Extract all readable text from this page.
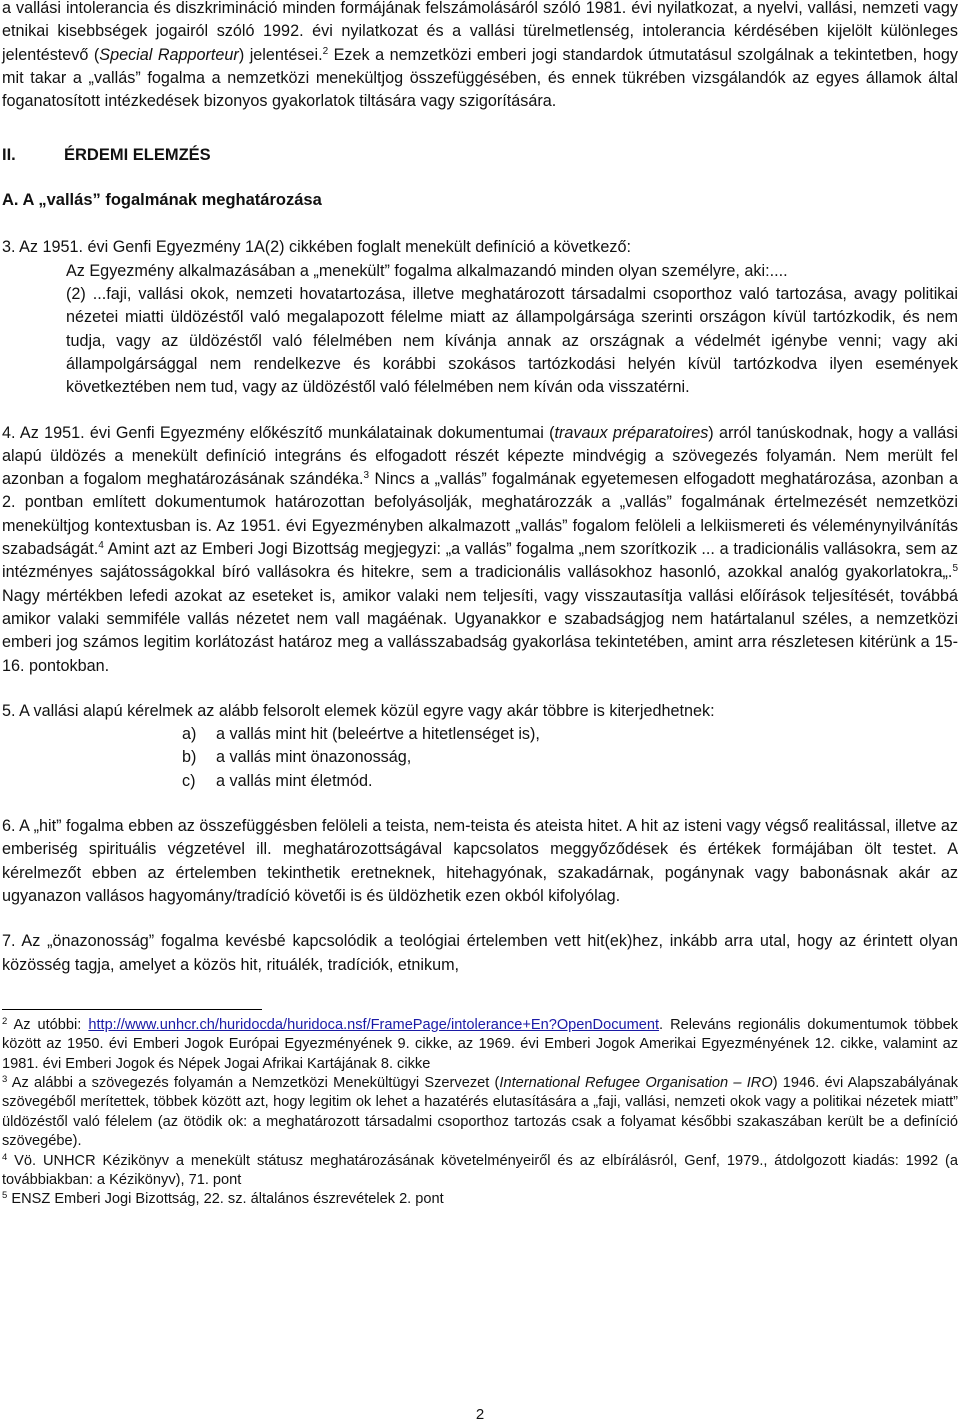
a vallási intolerancia és diszkrimináció minden formájának felszámolásáról szóló 1981. évi nyilatkozat, a nyelvi, vallási, nemzeti vagy etnikai kisebbségek jogairól szóló 1992. évi nyilatkozat és a vallási türelmetlenség, intolerancia kérdésében kijelölt különleges jelentéstevő (Special Rapporteur) jelentései.$^2$ Ezek a nemzetközi emberi jogi standardok útmutatásul szolgálnak a tekintetben, hogy mit takar a „vallás” fogalma a nemzetközi menekültjog összefüggésében, és ennek tükrében vizsgálandók az egyes államok által foganatosított intézkedések bizonyos gyakorlatok tiltására vagy szigorítására.

II.	ÉRDEMI ELEMZÉS

A. A „vallás” fogalmának meghatározása

3. Az 1951. évi Genfi Egyezmény 1A(2) cikkében foglalt menekült definíció a következő:

Az Egyezmény alkalmazásában a „menekült” fogalma alkalmazandó minden olyan személyre, aki:....

(2) ...faji, vallási okok, nemzeti hovatartozása, illetve meghatározott társadalmi csoporthoz való tartozása, avagy politikai nézetei miatti üldözéstől való megalapozott félelme miatt az állampolgársága szerinti országon kívül tartózkodik, és nem tudja, vagy az üldözéstől való félelmében nem kívánja annak az országnak a védelmét igénybe venni; vagy aki állampolgársággal nem rendelkezve és korábbi szokásos tartózkodási helyén kívül tartózkodva ilyen események következtében nem tud, vagy az üldözéstől való félelmében nem kíván oda visszatérni.

4. Az 1951. évi Genfi Egyezmény előkészítő munkálatainak dokumentumai (travaux préparatoires) arról tanúskodnak, hogy a vallási alapú üldözés a menekült definíció integráns és elfogadott részét képezte mindvégig a szövegezés folyamán. Nem merült fel azonban a fogalom meghatározásának szándéka.$^3$ Nincs a „vallás” fogalmának egyetemesen elfogadott meghatározása, azonban a 2. pontban említett dokumentumok határozottan befolyásolják, meghatározzák a „vallás” fogalmának értelmezését nemzetközi menekültjog kontextusban is. Az 1951. évi Egyezményben alkalmazott „vallás” fogalom felöleli a lelkiismereti és véleménynyilvánítás szabadságát.$^4$ Amint azt az Emberi Jogi Bizottság megjegyzi: „a vallás” fogalma „nem szorítkozik ... a tradicionális vallásokra, sem az intézményes sajátosságokkal bíró vallásokra és hitekre, sem a tradicionális vallásokhoz hasonló, azokkal analóg gyakorlatokra„.$^5$ Nagy mértékben lefedi azokat az eseteket is, amikor valaki nem teljesíti, vagy visszautasítja vallási előírások teljesítését, továbbá amikor valaki semmiféle vallás nézetet nem vall magáénak. Ugyanakkor e szabadságjog nem határtalanul széles, a nemzetközi emberi jog számos legitim korlátozást határoz meg a vallásszabadság gyakorlása tekintetében, amint arra részletesen kitérünk a 15-16. pontokban.

5. A vallási alapú kérelmek az alább felsorolt elemek közül egyre vagy akár többre is kiterjedhetnek:

a) a vallás mint hit (beleértve a hitetlenséget is),
b) a vallás mint önazonosság,
c) a vallás mint életmód.

6. A „hit” fogalma ebben az összefüggésben felöleli a teista, nem-teista és ateista hitet. A hit az isteni vagy végső realitással, illetve az emberiség spirituális végzetével ill. meghatározottságával kapcsolatos meggyőződések és értékek formájában ölt testet. A kérelmezőt ebben az értelemben tekinthetik eretneknek, hitehagyónak, szakadárnak, pogánynak vagy babonásnak akár az ugyanazon vallásos hagyomány/tradíció követői is és üldözhetik ezen okból kifolyólag.

7. Az „önazonosság” fogalma kevésbé kapcsolódik a teológiai értelemben vett hit(ek)hez, inkább arra utal, hogy az érintett olyan közösség tagja, amelyet a közös hit, rituálék, tradíciók, etnikum,

$^2$ Az utóbbi: http://www.unhcr.ch/huridocda/huridoca.nsf/FramePage/intolerance+En?OpenDocument. Releváns regionális dokumentumok többek között az 1950. évi Emberi Jogok Európai Egyezményének 9. cikke, az 1969. évi Emberi Jogok Amerikai Egyezményének 12. cikke, valamint az 1981. évi Emberi Jogok és Népek Jogai Afrikai Kartájának 8. cikke

$^3$ Az alábbi a szövegezés folyamán a Nemzetközi Menekültügyi Szervezet (International Refugee Organisation – IRO) 1946. évi Alapszabályának szövegéből merítettek, többek között azt, hogy legitim ok lehet a hazatérés elutasítására a „faji, vallási, nemzeti okok vagy a politikai nézetek miatt” üldözéstől való félelem (az ötödik ok: a meghatározott társadalmi csoporthoz tartozás csak a folyamat későbbi szakaszában került be a definíció szövegébe).

$^4$ Vö. UNHCR Kézikönyv a menekült státusz meghatározásának követelményeiről és az elbírálásról, Genf, 1979., átdolgozott kiadás: 1992 (a továbbiakban: a Kézikönyv), 71. pont

$^5$ ENSZ Emberi Jogi Bizottság, 22. sz. általános észrevételek 2. pont

2
